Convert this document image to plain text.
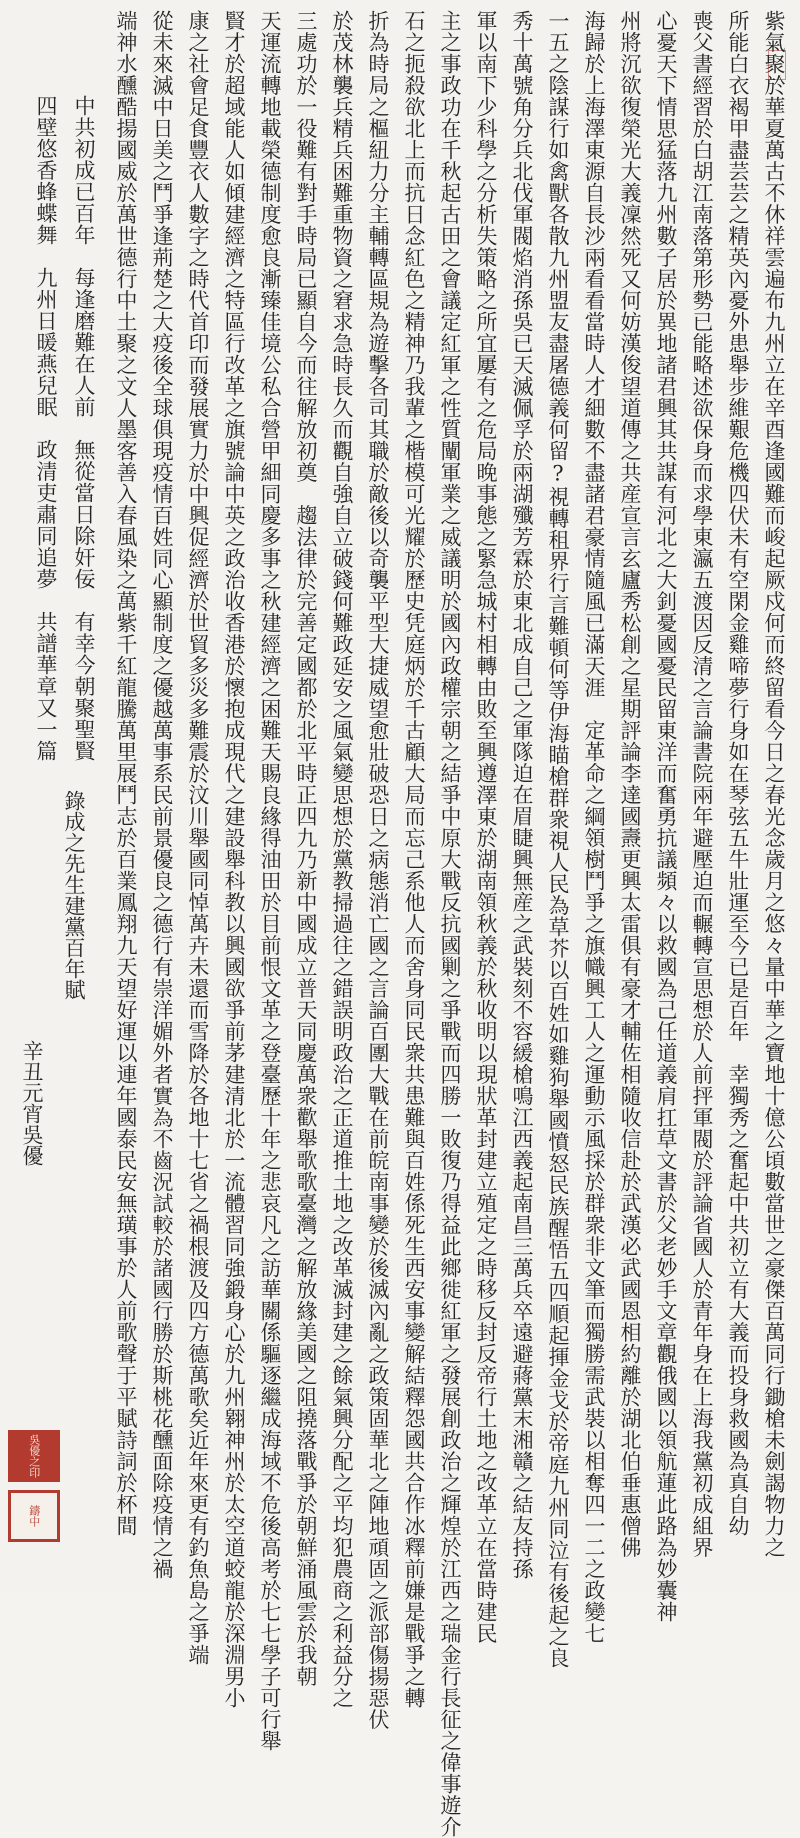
紫氣聚於華夏萬古不休祥雲遍布九州立在辛酉逢國難而峻起厥戍何而終留看今日之春光念歲月之悠々量中華之寶地十億公頃數當世之豪傑百萬同行鋤槍未劍謁物力之
所能白衣褐甲盡芸芸之精英內憂外患舉步維艱危機四伏未有空閑金雞啼夢行身如在琴弦五牛壯運至今已是百年　幸獨秀之奮起中共初立有大義而投身救國為真自幼
喪父書經習於白胡江南落第形勢已能略述欲保身而求學東瀛五渡因反清之言論書院兩年避壓迫而輾轉宣思想於人前抨軍閥於評論省國人於青年身在上海我黨初成組界
心憂天下情思猛落九州數子居於異地諸君興其共謀有河北之大釗憂國憂民留東洋而奮勇抗議頻々以救國為己任道義肩扛草文書於父老妙手文章觀俄國以領航蓮此路為妙囊神
州將沉欲復榮光大義凜然死又何妨漢俊望道傳之共産宣言玄廬秀松創之星期評論李達國燾更興太雷俱有豪才輔佐相隨收信赴於武漢必武國恩相約離於湖北伯垂惠僧佛
海歸於上海澤東源自長沙兩看看當時人才細數不盡諸君豪情隨風已滿天涯　定革命之綱領樹鬥爭之旗幟興工人之運動示風採於群衆非文筆而獨勝需武裝以相奪四一二之政變七
一五之陰謀行如禽獸各散九州盟友盡屠德義何留?視轉租界行言難頓何等伊海瞄槍群衆視人民為草芥以百姓如雞狗舉國憤怒民族醒悟五四順起揮金戈於帝庭九州同泣有後起之良
秀十萬號角分兵北伐軍閥焰消孫吳已天滅佩孚於兩湖殲芳霖於東北成自己之軍隊迫在眉睫興無産之武裝刻不容緩槍鳴江西義起南昌三萬兵卒遠避蔣黨末湘贛之結友持孫
軍以南下少科學之分析失策略之所宜屢有之危局晚事態之緊急城村相轉由敗至興遵澤東於湖南領秋義於秋收明以現狀革封建立殖定之時移反封反帝行土地之改革立在當時建民
主之事政功在千秋起古田之會議定紅軍之性質闡軍業之威議明於國內政權宗朝之結爭中原大戰反抗國剿之爭戰而四勝一敗復乃得益此鄉徙紅軍之發展創政治之輝煌於江西之瑞金行長征之偉事遊介
石之扼殺欲北上而抗日念紅色之精神乃我輩之楷模可光耀於歷史凭庭炳於千古顧大局而忘己系他人而舍身同民衆共患難與百姓係死生西安事變解結釋怨國共合作冰釋前嫌是戰爭之轉
折為時局之樞紐力分主輔轉區規為遊擊各司其職於敵後以奇襲平型大捷威望愈壯破恐日之病態消亡國之言論百團大戰在前皖南事變於後滅內亂之政策固華北之陣地頑固之派部傷揚惡伏
於茂林襲兵精兵困難重物資之窘求急時長久而觀自強自立破錢何難政延安之風氣變思想於黨教掃過往之錯誤明政治之正道推土地之改革滅封建之餘氣興分配之平均犯農商之利益分之
三處功於一役難有對手時局已顯自今而往解放初奠　趨法律於完善定國都於北平時正四九乃新中國成立普天同慶萬衆歡舉歌歌臺灣之解放緣美國之阻撓落戰爭於朝鮮涌風雲於我朝
天運流轉地載榮德制度愈良漸臻佳境公私合營甲細同慶多事之秋建經濟之困難天賜良緣得油田於目前恨文革之登臺歷十年之悲哀凡之訪華關係驅逐繼成海域不危後高考於七七學子可行舉
賢才於超域能人如傾建經濟之特區行改革之旗號論中英之政治收香港於懷抱成現代之建設舉科教以興國欲爭前茅建清北於一流體習同強鍛身心於九州翱神州於太空道蛟龍於深淵男小
康之社會足食豐衣人數字之時代首印而發展實力於中興促經濟於世貿多災多難震於汶川舉國同悼萬卉未還而雪降於各地十七省之禍根渡及四方德萬歌矣近年來更有釣魚島之爭端
從未來滅中日美之鬥爭逢荊楚之大疫後全球俱現疫情百姓同心顯制度之優越萬事系民前景優良之德行有崇洋媚外者實為不齒況試較於諸國行勝於斯桃花醺面除疫情之禍
端神水醺酷揚國威於萬世德行中土聚之文人墨客善入春風染之萬紫千紅龍騰萬里展鬥志於百業鳳翔九天望好運以連年國泰民安無璜事於人前歌聲于平賦詩詞於杯間
中共初成已百年　每逢磨難在人前　無從當日除奸佞　有幸今朝聚聖賢
四壁悠香蜂蝶舞　九州日暖燕兒眠　政清吏肅同追夢　共譜華章又一篇
錄成之先生建黨百年賦
辛丑元宵吳優
吳優之印
鑄中
